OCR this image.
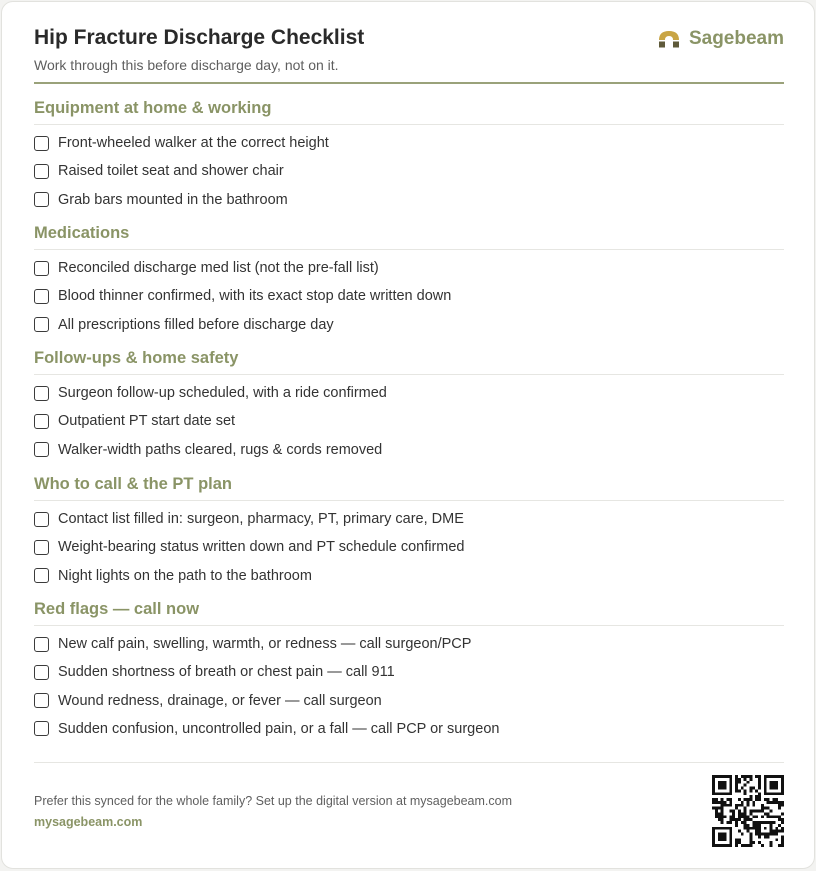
Hip Fracture Discharge Checklist
Work through this before discharge day, not on it.
Sagebeam
Equipment at home & working
Front-wheeled walker at the correct height
Raised toilet seat and shower chair
Grab bars mounted in the bathroom
Medications
Reconciled discharge med list (not the pre-fall list)
Blood thinner confirmed, with its exact stop date written down
All prescriptions filled before discharge day
Follow-ups & home safety
Surgeon follow-up scheduled, with a ride confirmed
Outpatient PT start date set
Walker-width paths cleared, rugs & cords removed
Who to call & the PT plan
Contact list filled in: surgeon, pharmacy, PT, primary care, DME
Weight-bearing status written down and PT schedule confirmed
Night lights on the path to the bathroom
Red flags — call now
New calf pain, swelling, warmth, or redness — call surgeon/PCP
Sudden shortness of breath or chest pain — call 911
Wound redness, drainage, or fever — call surgeon
Sudden confusion, uncontrolled pain, or a fall — call PCP or surgeon
Prefer this synced for the whole family? Set up the digital version at mysagebeam.com
mysagebeam.com
